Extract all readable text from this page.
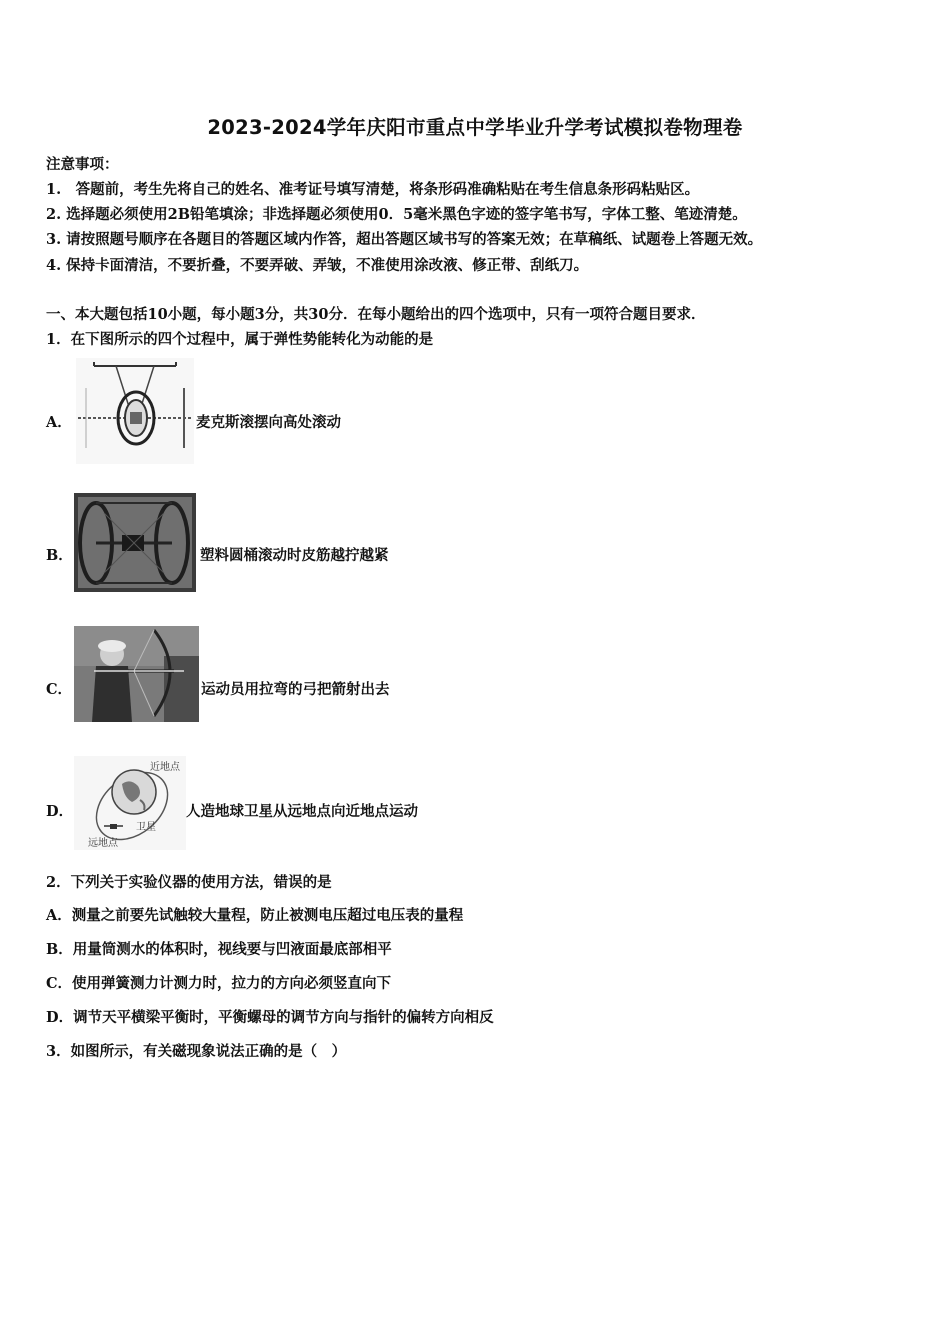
2023-2024学年庆阳市重点中学毕业升学考试模拟卷物理卷
注意事项：
1.　答题前，考生先将自己的姓名、准考证号填写清楚，将条形码准确粘贴在考生信息条形码粘贴区。
2. 选择题必须使用2B铅笔填涂；非选择题必须使用0．5毫米黑色字迹的签字笔书写，字体工整、笔迹清楚。
3. 请按照题号顺序在各题目的答题区域内作答，超出答题区域书写的答案无效；在草稿纸、试题卷上答题无效。
4. 保持卡面清洁，不要折叠，不要弄破、弄皱，不准使用涂改液、修正带、刮纸刀。
一、本大题包括10小题，每小题3分，共30分．在每小题给出的四个选项中，只有一项符合题目要求．
1．在下图所示的四个过程中，属于弹性势能转化为动能的是
A．	麦克斯滚摆向高处滚动
B．	塑料圆桶滚动时皮筋越拧越紧
C．	运动员用拉弯的弓把箭射出去
D．
近地点
卫星
远地点
人造地球卫星从远地点向近地点运动
2．下列关于实验仪器的使用方法，错误的是
A．测量之前要先试触较大量程，防止被测电压超过电压表的量程
B．用量筒测水的体积时，视线要与凹液面最底部相平
C．使用弹簧测力计测力时，拉力的方向必须竖直向下
D．调节天平横梁平衡时，平衡螺母的调节方向与指针的偏转方向相反
3．如图所示，有关磁现象说法正确的是（　）
